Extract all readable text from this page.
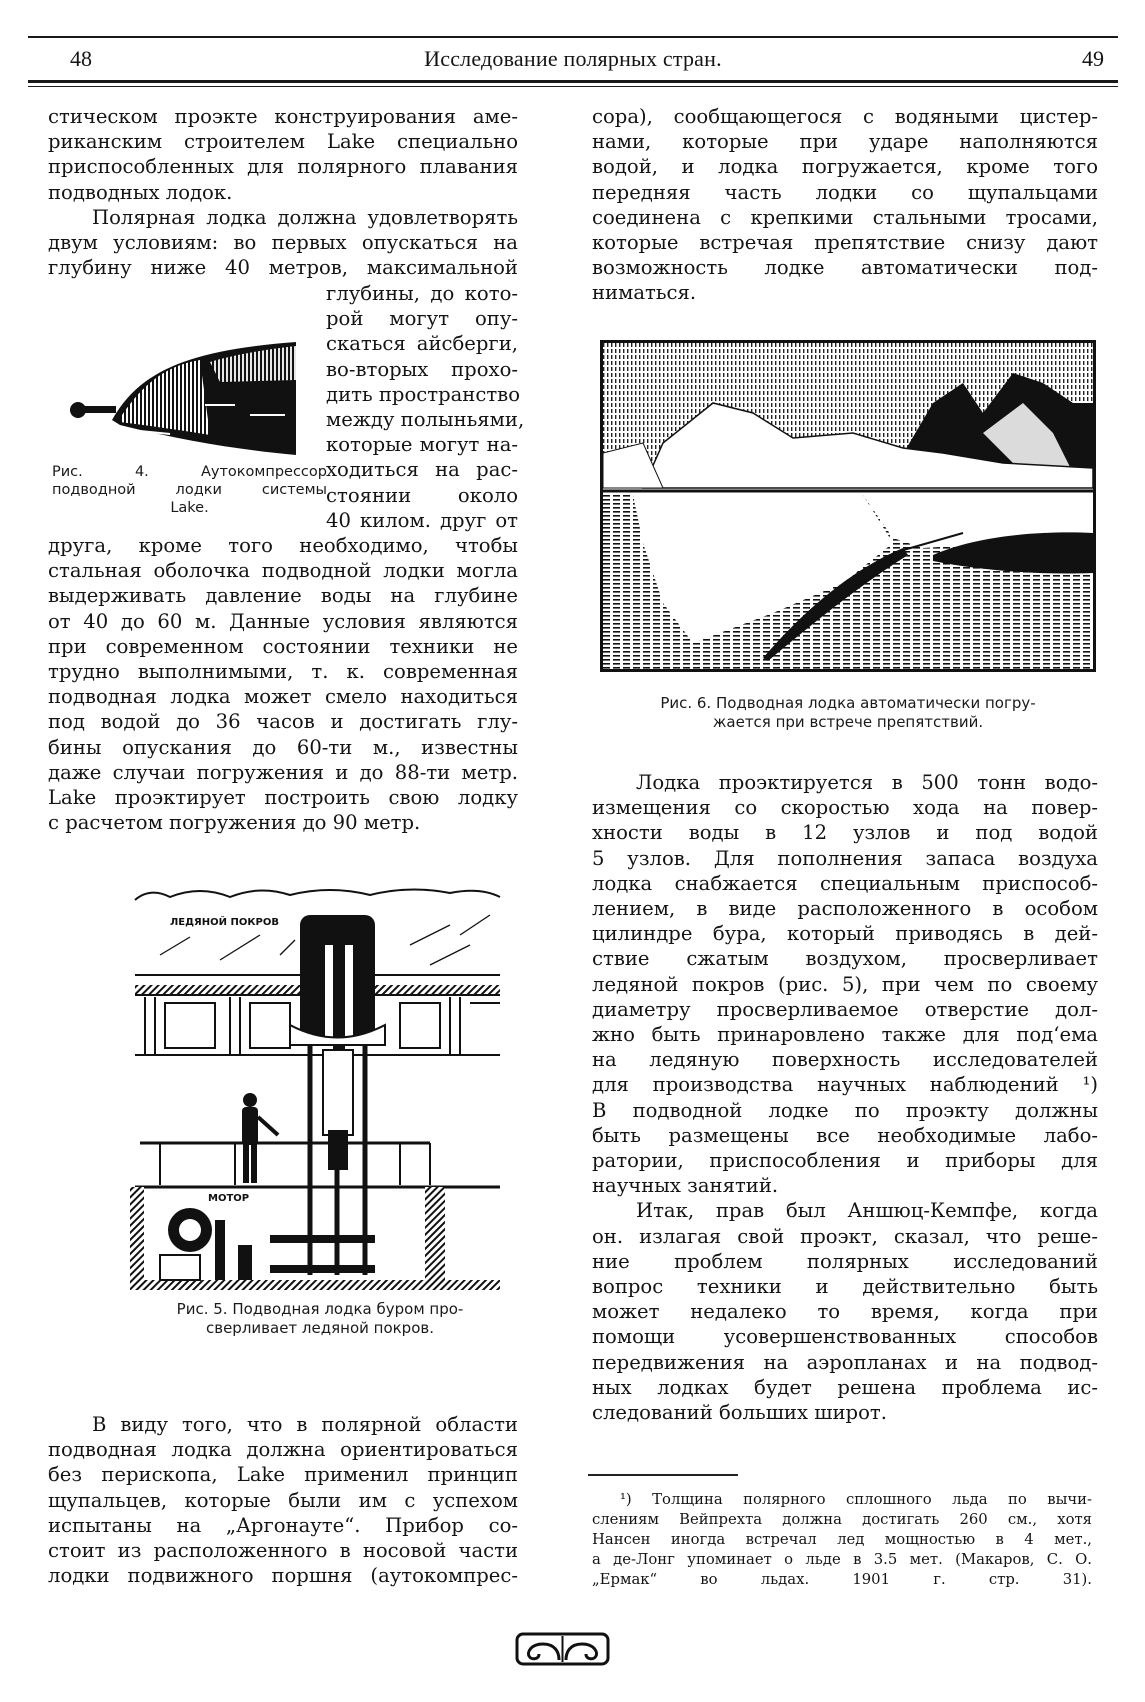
48	Исследование полярных стран.	49

стическом проэкте конструирования аме-
риканским строителем Lake специально
приспособленных для полярного плавания
подводных лодок.

Полярная лодка должна удовлетворять
двум условиям: во первых опускаться на
глубину ниже 40 метров, максимальной

глубины, до кото-
рой могут опу-
скаться айсберги,
во-вторых прохо-
дить пространство
между полыньями,
которые могут на-
ходиться на рас-
стоянии около
40 килом. друг от
Рис. 4. Аутокомпрессор
подводной лодки системы
Lake.
друга, кроме того необходимо, чтобы
стальная оболочка подводной лодки могла
выдерживать давление воды на глубине
от 40 до 60 м. Данные условия являются
при современном состоянии техники не
трудно выполнимыми, т. к. современная
подводная лодка может смело находиться
под водой до 36 часов и достигать глу-
бины опускания до 60-ти м., известны
даже случаи погружения и до 88-ти метр.
Lake проэктирует построить свою лодку
с расчетом погружения до 90 метр.
ЛЕДЯНОЙ ПОКРОВ
МОТОР
Рис. 5. Подводная лодка буром про-
сверливает ледяной покров.
В виду того, что в полярной области
подводная лодка должна ориентироваться
без перископа, Lake применил принцип
щупальцев, которые были им с успехом
испытаны на „Аргонауте“. Прибор со-
стоит из расположенного в носовой части
лодки подвижного поршня (аутокомпрес-
сора), сообщающегося с водяными цистер-
нами, которые при ударе наполняются
водой, и лодка погружается, кроме того
передняя часть лодки со щупальцами
соединена с крепкими стальными тросами,
которые встречая препятствие снизу дают
возможность лодке автоматически под-
ниматься.
Рис. 6. Подводная лодка автоматически погру-
жается при встрече препятствий.
Лодка проэктируется в 500 тонн водо-
измещения со скоростью хода на повер-
хности воды в 12 узлов и под водой
5 узлов. Для пополнения запаса воздуха
лодка снабжается специальным приспособ-
лением, в виде расположенного в особом
цилиндре бура, который приводясь в дей-
ствие сжатым воздухом, просверливает
ледяной покров (рис. 5), при чем по своему
диаметру просверливаемое отверстие дол-
жно быть принаровлено также для под‘ема
на ледяную поверхность исследователей
для производства научных наблюдений ¹)
В подводной лодке по проэкту должны
быть размещены все необходимые лабо-
ратории, приспособления и приборы для
научных занятий.
Итак, прав был Аншюц-Кемпфе, когда
он. излагая свой проэкт, сказал, что реше-
ние проблем полярных исследований
вопрос техники и действительно быть
может недалеко то время, когда при
помощи усовершенствованных способов
передвижения на аэропланах и на подвод-
ных лодках будет решена проблема ис-
следований больших широт.
¹) Толщина полярного сплошного льда по вычи-
слениям Вейпрехта должна достигать 260 см., хотя
Нансен иногда встречал лед мощностью в 4 мет.,
а де-Лонг упоминает о льде в 3.5 мет. (Макаров, С. О.
„Ермак“ во льдах. 1901 г. стр. 31).
